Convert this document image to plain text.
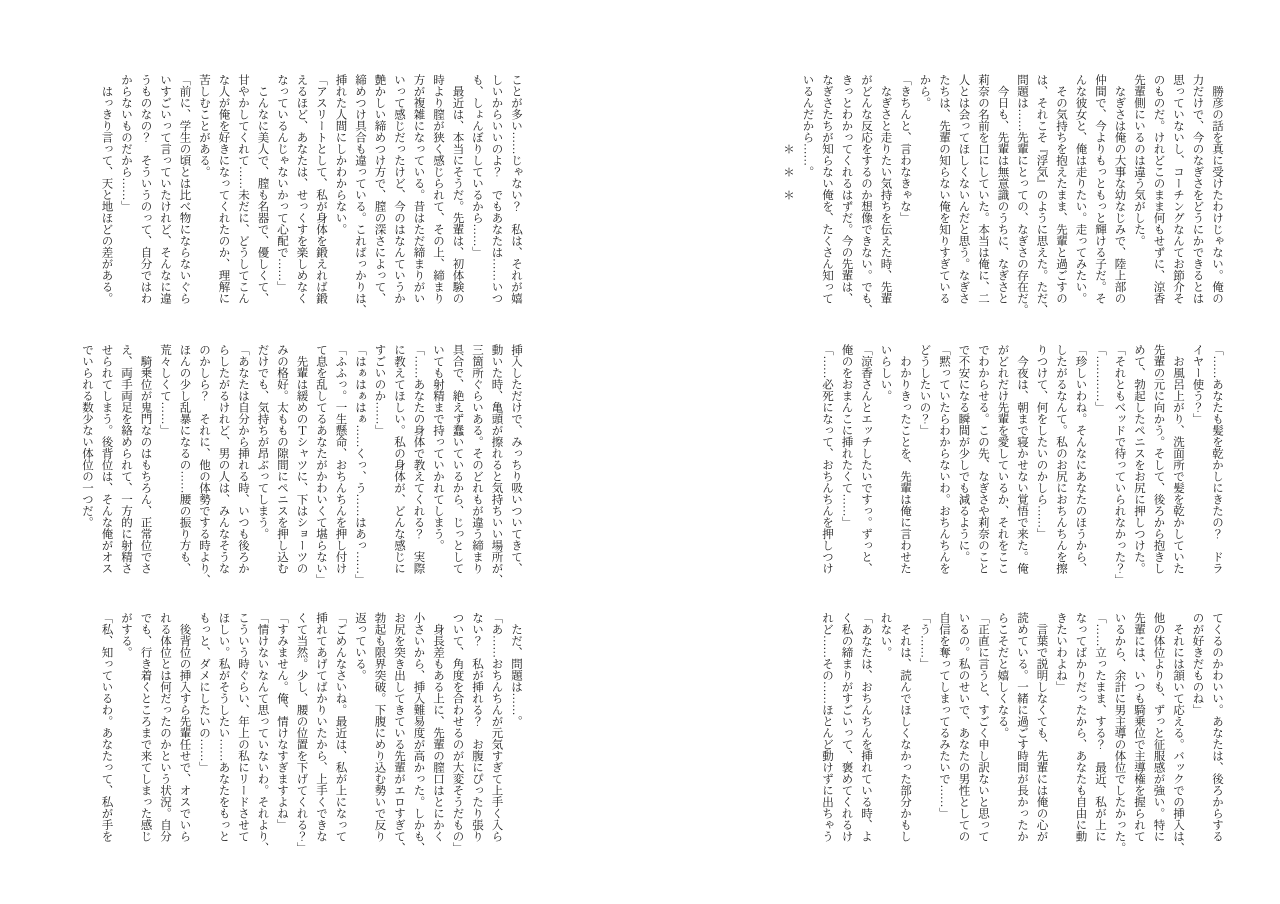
　勝彦の話を真に受けたわけじゃない。俺の
力だけで、今のなぎさをどうにかできるとは
思っていないし、コーチングなんてお節介そ
のものだ。けれどこのまま何もせずに、涼香
先輩側にいるのは違う気がした。
　なぎさは俺の大事な幼なじみで、陸上部の
仲間で、今よりもっともっと輝ける子だ。そ
んな彼女と、俺は走りたい。走ってみたい。
　その気持ちを抱えたまま、先輩と過ごすの
は、それこそ『浮気』のように思えた。ただ、
問題は……先輩にとっての、なぎさの存在だ。
　今日も、先輩は無意識のうちに、なぎさと
莉奈の名前を口にしていた。本当は俺に、二
人とは会ってほしくないんだと思う。なぎさ
たちは、先輩の知らない俺を知りすぎている
から。
「きちんと、言わなきゃな」
　なぎさと走りたい気持ちを伝えた時、先輩
がどんな反応をするのか想像できない。でも、
きっとわかってくれるはずだ。今の先輩は、
なぎさたちが知らない俺を、たくさん知って
いるんだから……。
　　　　　　＊　＊　＊
「……あなたも髪を乾かしにきたの？　ドラ
イヤー使う？」
　お風呂上がり、洗面所で髪を乾かしていた
先輩の元に向かう。そして、後ろから抱きし
めて、勃起したペニスをお尻に押しつけた。
「それともベッドで待っていられなかった？」
「…………」
「珍しいわね。そんなにあなたのほうから、
したがるなんて。私のお尻におちんちんを擦
りつけて、何をしたいのかしら……」
　今夜は、朝まで寝かせない覚悟で来た。俺
がどれだけ先輩を愛しているか、それをここ
でわからせる。この先、なぎさや莉奈のこと
で不安になる瞬間が少しでも減るように。
「黙っていたらわからないわ。おちんちんを
どうしたいの？」
　わかりきったことを、先輩は俺に言わせた
いらしい。
「涼香さんとエッチしたいですっ。ずっと、
俺のをおまんこに挿れたくて……」
「……必死になって、おちんちんを押しつけ
てくるのかわいい。あなたは、後ろからする
のが好きだものね」
　それには頷いて応える。バックでの挿入は、
他の体位よりも、ずっと征服感が強い。特に
先輩には、いつも騎乗位で主導権を握られて
いるから、余計に男主導の体位でしたかった。
「……立ったまま、する？　最近、私が上に
なってばかりだったから、あなたも自由に動
きたいわよね」
　言葉で説明しなくても、先輩には俺の心が
読めている。一緒に過ごす時間が長かったか
らこそだと嬉しくなる。
「正直に言うと、すごく申し訳ないと思って
いるの。私のせいで、あなたの男性としての
自信を奪ってしまってるみたいで……」
「う……」
　それは、読んでほしくなかった部分かもし
れない。
「あなたは、おちんちんを挿れている時、よ
く私の締まりがすごいって、褒めてくれるけ
れど……その……ほとんど動けずに出ちゃう
ことが多い……じゃない？　私は、それが嬉
しいからいいのよ？　でもあなたは……いつ
も、しょんぼりしているから……」
　最近は、本当にそうだ。先輩は、初体験の
時より膣が狭く感じられて、その上、締まり
方が複雑になっている。昔はただ締まりがい
いって感じだったけど、今のはなんていうか
艶かしい締めつけ方で、膣の深さによって、
締めつけ具合も違っている。こればっかりは、
挿れた人間にしかわからない。
「アスリートとして、私が身体を鍛えれば鍛
えるほど、あなたは、せっくすを楽しめなく
なっているんじゃないかって心配で……」
　こんなに美人で、膣も名器で、優しくて、
甘やかしてくれて……未だに、どうしてこん
な人が俺を好きになってくれたのか、理解に
苦しむことがある。
「前に、学生の頃とは比べ物にならないぐら
いすごいって言っていたけれど、そんなに違
うものなの？　そういうのって、自分ではわ
からないものだから……」
　はっきり言って、天と地ほどの差がある。
挿入しただけで、みっちり吸いついてきて、
動いた時、亀頭が擦れると気持ちいい場所が、
三箇所ぐらいある。そのどれもが違う締まり
具合で、絶えず蠢いているから、じっとして
いても射精まで持っていかれてしまう。
「……あなたの身体で教えてくれる？　実際
に教えてほしい。私の身体が、どんな感じに
すごいのか……」
「はぁはぁはぁ……くっ、う……はあっ……」
「ふふっ。一生懸命、おちんちんを押し付け
て息を乱してるあなたがかわいくて堪らない」
　先輩は緩めのＴシャツに、下はショーツの
みの格好。太ももの隙間にペニスを押し込む
だけでも、気持ちが昂ぶってしまう。
「あなたは自分から挿れる時、いつも後ろか
らしたがるけれど、男の人は、みんなそうな
のかしら？　それに、他の体勢でする時より、
ほんの少し乱暴になるの……腰の振り方も、
荒々しくて……」
　騎乗位が鬼門なのはもちろん、正常位でさ
え、両手両足を絡められて、一方的に射精さ
せられてしまう。後背位は、そんな俺がオス
でいられる数少ない体位の一つだ。
　ただ、問題は……。
「あ……おちんちんが元気すぎて上手く入ら
ない？　私が挿れる？　お腹にぴったり張り
ついて、角度を合わせるのが大変そうだもの」
　身長差もある上に、先輩の膣口はとにかく
小さいから、挿入難易度が高かった。しかも、
お尻を突き出してきている先輩がエロすぎて、
勃起も限界突破。下腹にめり込む勢いで反り
返っている。
「ごめんなさいね。最近は、私が上になって
挿れてあげてばかりいたから、上手くできな
くて当然。少し、腰の位置を下げてくれる？」
「すみません。俺、情けなすぎますよね」
「情けないなんて思っていないわ。それより、
こういう時ぐらい、年上の私にリードさせて
ほしい。私がそうしたい……あなたをもっと
もっと、ダメにしたいの……」
　後背位の挿入すら先輩任せで、オスでいら
れる体位とは何だったのかという状況。自分
でも、行き着くところまで来てしまった感じ
がする。
「私、知っているわ。あなたって、私が手を
